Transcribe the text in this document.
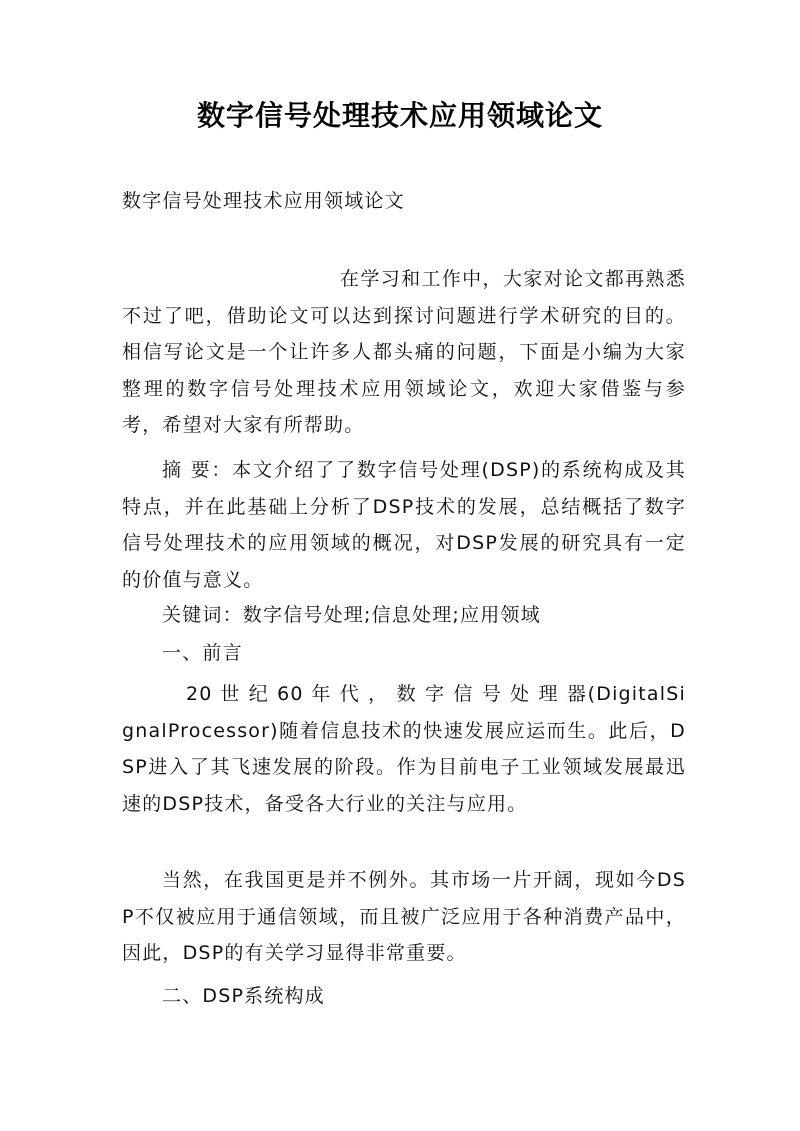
数字信号处理技术应用领域论文
数字信号处理技术应用领域论文

在学习和工作中，大家对论文都再熟悉不过了吧，借助论文可以达到探讨问题进行学术研究的目的。相信写论文是一个让许多人都头痛的问题，下面是小编为大家整理的数字信号处理技术应用领域论文，欢迎大家借鉴与参考，希望对大家有所帮助。

摘 要：本文介绍了了数字信号处理(DSP)的系统构成及其特点，并在此基础上分析了DSP技术的发展，总结概括了数字信号处理技术的应用领域的概况，对DSP发展的研究具有一定的价值与意义。

关键词：数字信号处理;信息处理;应用领域
一、前言

20 世 纪 60 年 代 ， 数 字 信 号 处 理 器(DigitalSignalProcessor)随着信息技术的快速发展应运而生。此后，DSP进入了其飞速发展的阶段。作为目前电子工业领域发展最迅速的DSP技术，备受各大行业的关注与应用。

当然，在我国更是并不例外。其市场一片开阔，现如今DSP不仅被应用于通信领域，而且被广泛应用于各种消费产品中，因此，DSP的有关学习显得非常重要。

二、DSP系统构成
